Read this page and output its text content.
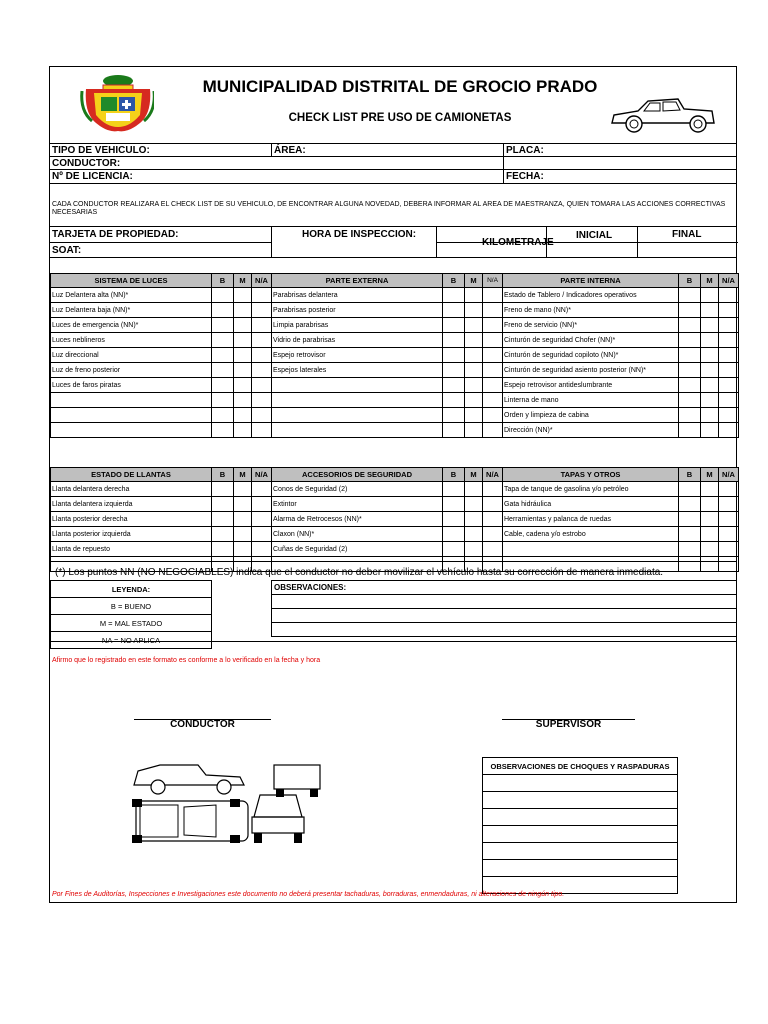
MUNICIPALIDAD DISTRITAL DE GROCIO PRADO
CHECK LIST PRE USO DE CAMIONETAS
TIPO DE VEHICULO:	ÁREA:	PLACA:
CONDUCTOR:
Nº DE LICENCIA:	FECHA:
CADA CONDUCTOR REALIZARA EL CHECK LIST DE SU VEHICULO, DE ENCONTRAR ALGUNA NOVEDAD, DEBERA INFORMAR AL AREA DE MAESTRANZA, QUIEN TOMARA LAS ACCIONES CORRECTIVAS NECESARIAS
TARJETA DE PROPIEDAD:	HORA DE INSPECCION:
KILOMETRAJE
INICIAL	FINAL
SOAT:
SISTEMA DE LUCES	B	M	N/A	PARTE EXTERNA	B	M	N/A	PARTE INTERNA	B	M	N/A
Luz Delantera alta (NN)*				Parabrisas delantera				Estado de Tablero / Indicadores operativos			
Luz Delantera baja (NN)*				Parabrisas posterior				Freno de mano (NN)*			
Luces de emergencia (NN)*				Limpia parabrisas				Freno de servicio (NN)*			
Luces neblineros				Vidrio de parabrisas				Cinturón de seguridad Chofer (NN)*			
Luz direccional				Espejo retrovisor				Cinturón de seguridad copiloto (NN)*			
Luz de freno posterior				Espejos laterales				Cinturón de seguridad asiento posterior (NN)*			
Luces de faros piratas								Espejo retrovisor antideslumbrante			
								Linterna de mano			
								Orden y limpieza de cabina			
								Dirección (NN)*			
ESTADO DE LLANTAS	B	M	N/A	ACCESORIOS DE SEGURIDAD	B	M	N/A	TAPAS Y OTROS	B	M	N/A
Llanta delantera derecha				Conos de Seguridad (2)				Tapa de tanque de gasolina y/o petróleo			
Llanta delantera izquierda				Extintor				Gata hidráulica			
Llanta posterior derecha				Alarma de Retrocesos (NN)*				Herramientas y palanca de ruedas			
Llanta posterior izquierda				Claxon (NN)*				Cable, cadena y/o estrobo			
Llanta de repuesto				Cuñas de Seguridad (2)							

(*) Los puntos NN (NO NEGOCIABLES) indica que el conductor no deber movilizar el vehículo hasta su corrección de manera inmediata.
LEYENDA:
B = BUENO
M = MAL ESTADO
NA = NO APLICA
OBSERVACIONES:

Afirmo que lo registrado en este formato es conforme a lo verificado en la fecha y hora
CONDUCTOR	SUPERVISOR
OBSERVACIONES DE CHOQUES Y RASPADURAS

Por Fines de Auditorías, Inspecciones e Investigaciones este documento no deberá presentar tachaduras, borraduras, enmendaduras, ni alteraciones de ningún tipo.
